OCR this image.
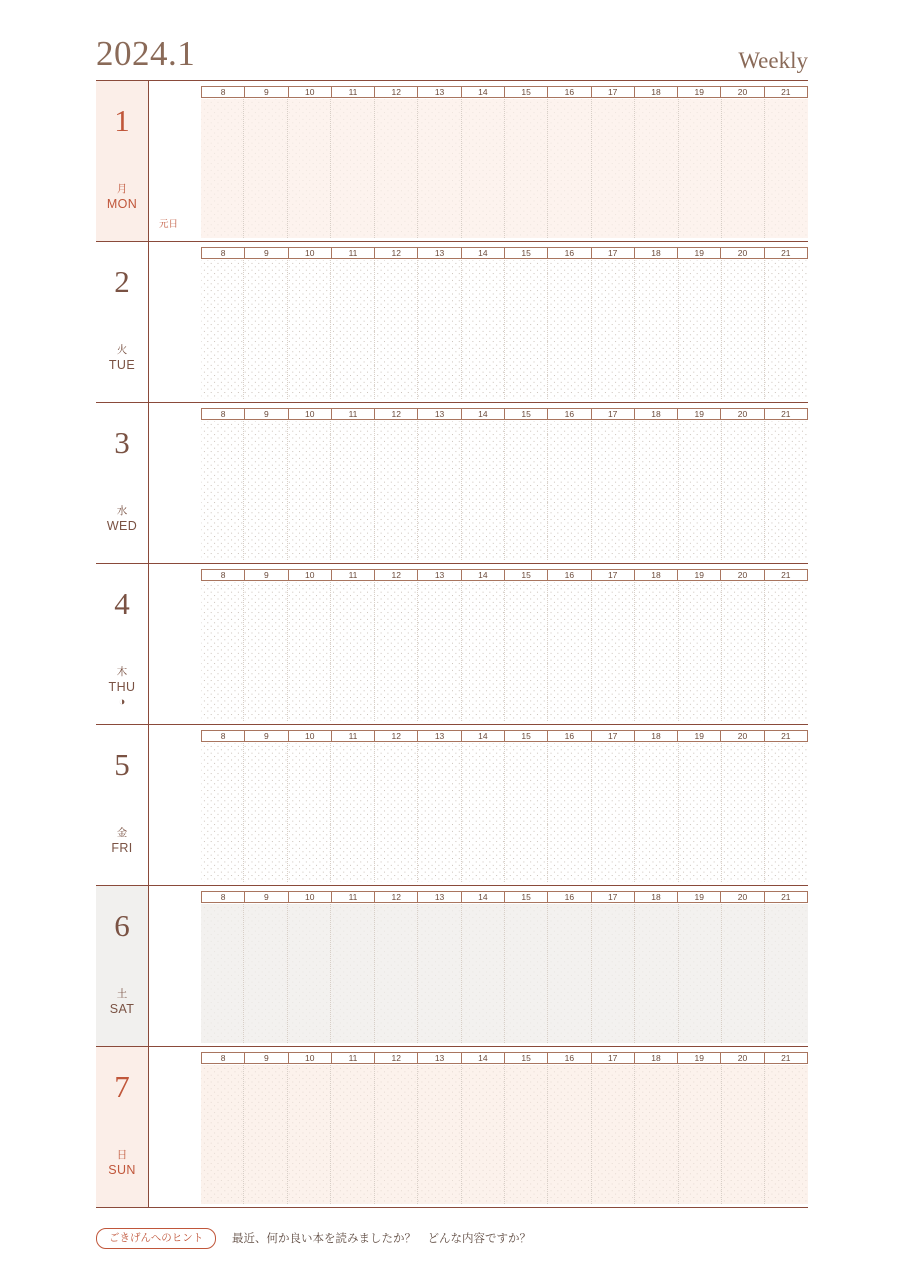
2024.1	Weekly
1
月
MON
8	9	10	11	12	13	14	15	16	17	18	19	20	21
元日
2
火
TUE
8	9	10	11	12	13	14	15	16	17	18	19	20	21
3
水
WED
8	9	10	11	12	13	14	15	16	17	18	19	20	21
4
木
THU
◑
8	9	10	11	12	13	14	15	16	17	18	19	20	21
5
金
FRI
8	9	10	11	12	13	14	15	16	17	18	19	20	21
6
土
SAT
8	9	10	11	12	13	14	15	16	17	18	19	20	21
7
日
SUN
8	9	10	11	12	13	14	15	16	17	18	19	20	21
ごきげんへのヒント	最近、何か良い本を読みましたか？　どんな内容ですか？
